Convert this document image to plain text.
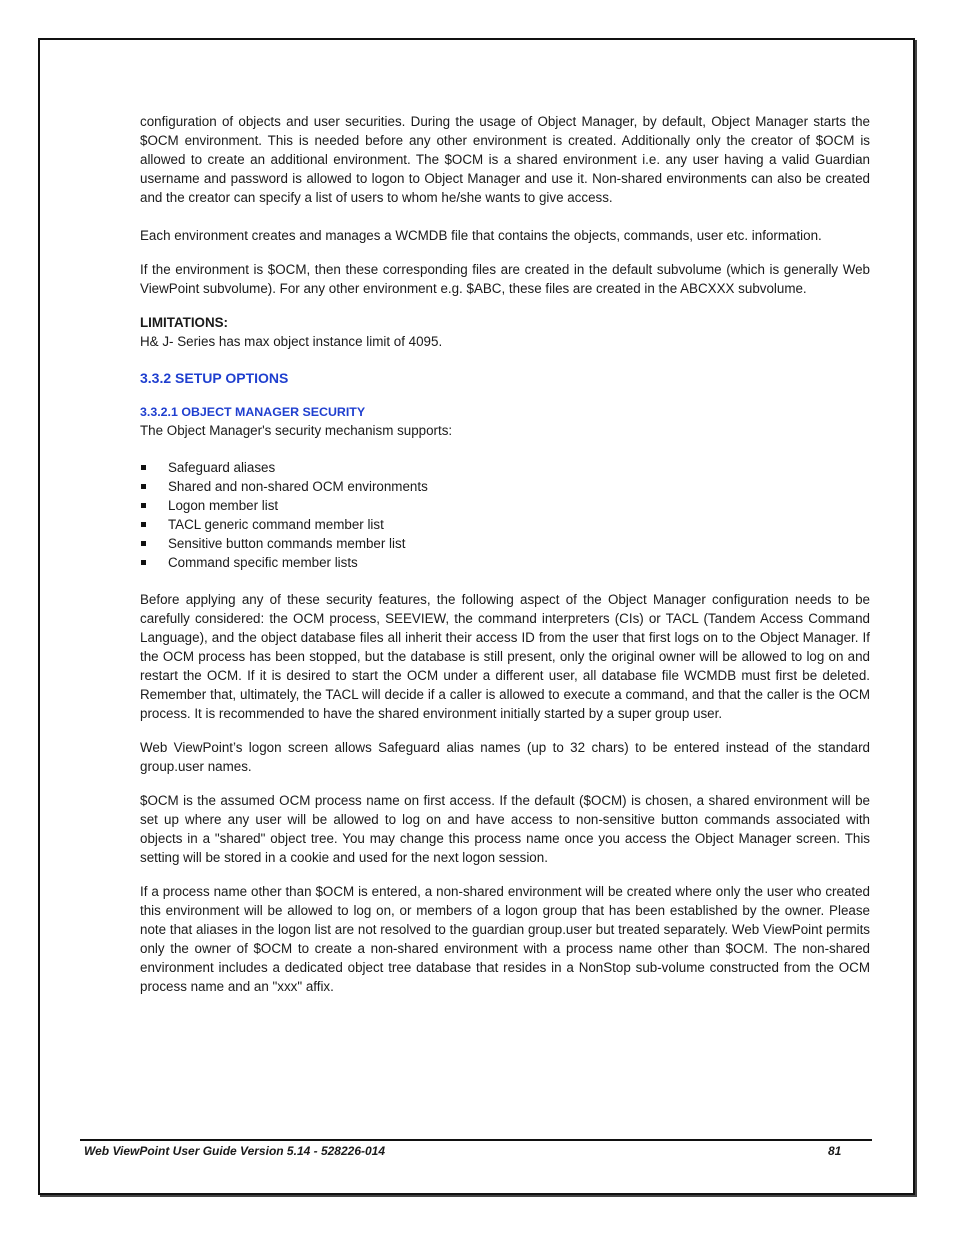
configuration of objects and user securities. During the usage of Object Manager, by default, Object Manager starts the $OCM environment. This is needed before any other environment is created. Additionally only the creator of $OCM is allowed to create an additional environment. The $OCM is a shared environment i.e. any user having a valid Guardian username and password is allowed to logon to Object Manager and use it. Non-shared environments can also be created and the creator can specify a list of users to whom he/she wants to give access.

Each environment creates and manages a WCMDB file that contains the objects, commands, user etc. information.

If the environment is $OCM, then these corresponding files are created in the default subvolume (which is generally Web ViewPoint subvolume). For any other environment e.g. $ABC, these files are created in the ABCXXX subvolume.

LIMITATIONS:

H& J- Series has max object instance limit of 4095.

3.3.2 SETUP OPTIONS
3.3.2.1 OBJECT MANAGER SECURITY

The Object Manager's security mechanism supports:

Safeguard aliases
Shared and non-shared OCM environments
Logon member list
TACL generic command member list
Sensitive button commands member list
Command specific member lists

Before applying any of these security features, the following aspect of the Object Manager configuration needs to be carefully considered: the OCM process, SEEVIEW, the command interpreters (CIs) or TACL (Tandem Access Command Language), and the object database files all inherit their access ID from the user that first logs on to the Object Manager. If the OCM process has been stopped, but the database is still present, only the original owner will be allowed to log on and restart the OCM. If it is desired to start the OCM under a different user, all database file WCMDB must first be deleted. Remember that, ultimately, the TACL will decide if a caller is allowed to execute a command, and that the caller is the OCM process. It is recommended to have the shared environment initially started by a super group user.

Web ViewPoint’s logon screen allows Safeguard alias names (up to 32 chars) to be entered instead of the standard group.user names.

$OCM is the assumed OCM process name on first access. If the default ($OCM) is chosen, a shared environment will be set up where any user will be allowed to log on and have access to non-sensitive button commands associated with objects in a "shared" object tree. You may change this process name once you access the Object Manager screen. This setting will be stored in a cookie and used for the next logon session.

If a process name other than $OCM is entered, a non-shared environment will be created where only the user who created this environment will be allowed to log on, or members of a logon group that has been established by the owner. Please note that aliases in the logon list are not resolved to the guardian group.user but treated separately. Web ViewPoint permits only the owner of $OCM to create a non-shared environment with a process name other than $OCM. The non-shared environment includes a dedicated object tree database that resides in a NonStop sub-volume constructed from the OCM process name and an "xxx" affix.

Web ViewPoint User Guide Version 5.14 - 528226-014	81
